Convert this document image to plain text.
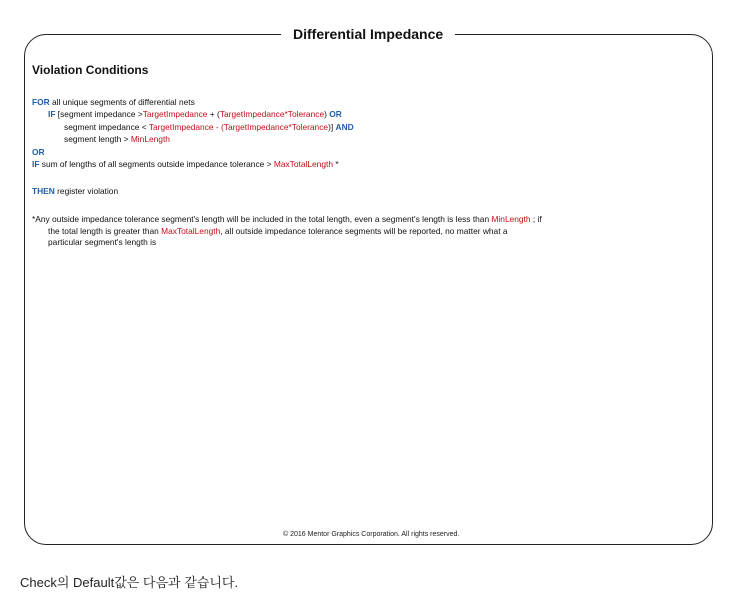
Differential Impedance
Violation Conditions
FOR all unique segments of differential nets
IF [segment impedance >TargetImpedance + (TargetImpedance*Tolerance) OR
segment impedance < TargetImpedance - (TargetImpedance*Tolerance)] AND
segment length > MinLength
OR
IF sum of lengths of all segments outside impedance tolerance > MaxTotalLength *
THEN register violation
*Any outside impedance tolerance segment's length will be included in the total length, even a segment's length is less than MinLength ; if
the total length is greater than MaxTotalLength, all outside impedance tolerance segments will be reported, no matter what a
particular segment's length is
© 2016 Mentor Graphics Corporation. All rights reserved.
Check의 Default값은 다음과 같습니다.
